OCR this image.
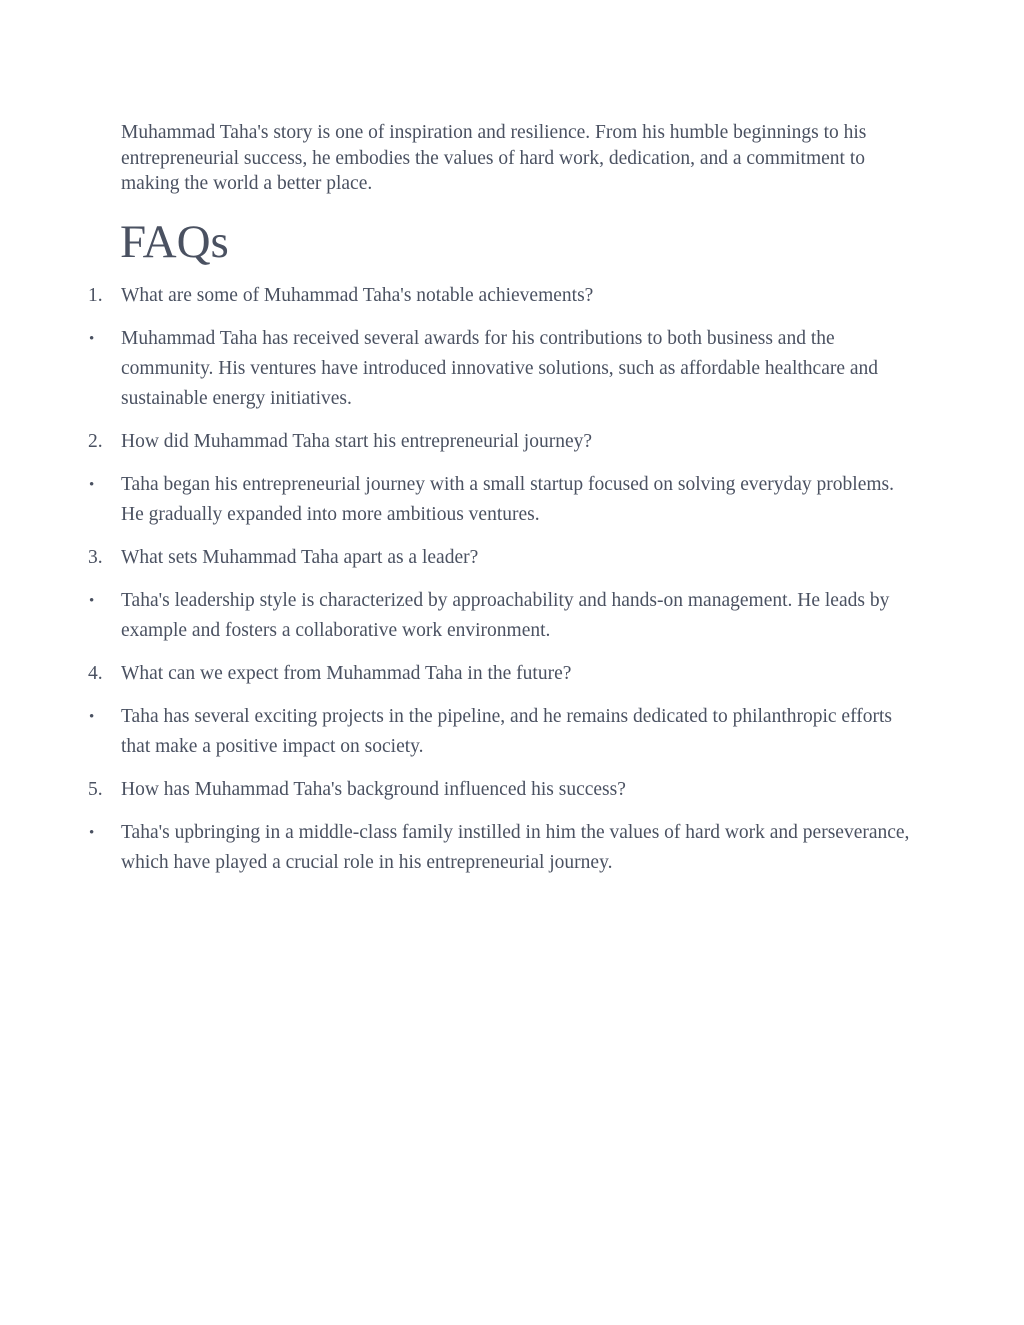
Muhammad Taha's story is one of inspiration and resilience. From his humble beginnings to his entrepreneurial success, he embodies the values of hard work, dedication, and a commitment to making the world a better place.

FAQs
1. What are some of Muhammad Taha's notable achievements?
• Muhammad Taha has received several awards for his contributions to both business and the community. His ventures have introduced innovative solutions, such as affordable healthcare and sustainable energy initiatives.
2. How did Muhammad Taha start his entrepreneurial journey?
• Taha began his entrepreneurial journey with a small startup focused on solving everyday problems. He gradually expanded into more ambitious ventures.
3. What sets Muhammad Taha apart as a leader?
• Taha's leadership style is characterized by approachability and hands-on management. He leads by example and fosters a collaborative work environment.
4. What can we expect from Muhammad Taha in the future?
• Taha has several exciting projects in the pipeline, and he remains dedicated to philanthropic efforts that make a positive impact on society.
5. How has Muhammad Taha's background influenced his success?
• Taha's upbringing in a middle-class family instilled in him the values of hard work and perseverance, which have played a crucial role in his entrepreneurial journey.
